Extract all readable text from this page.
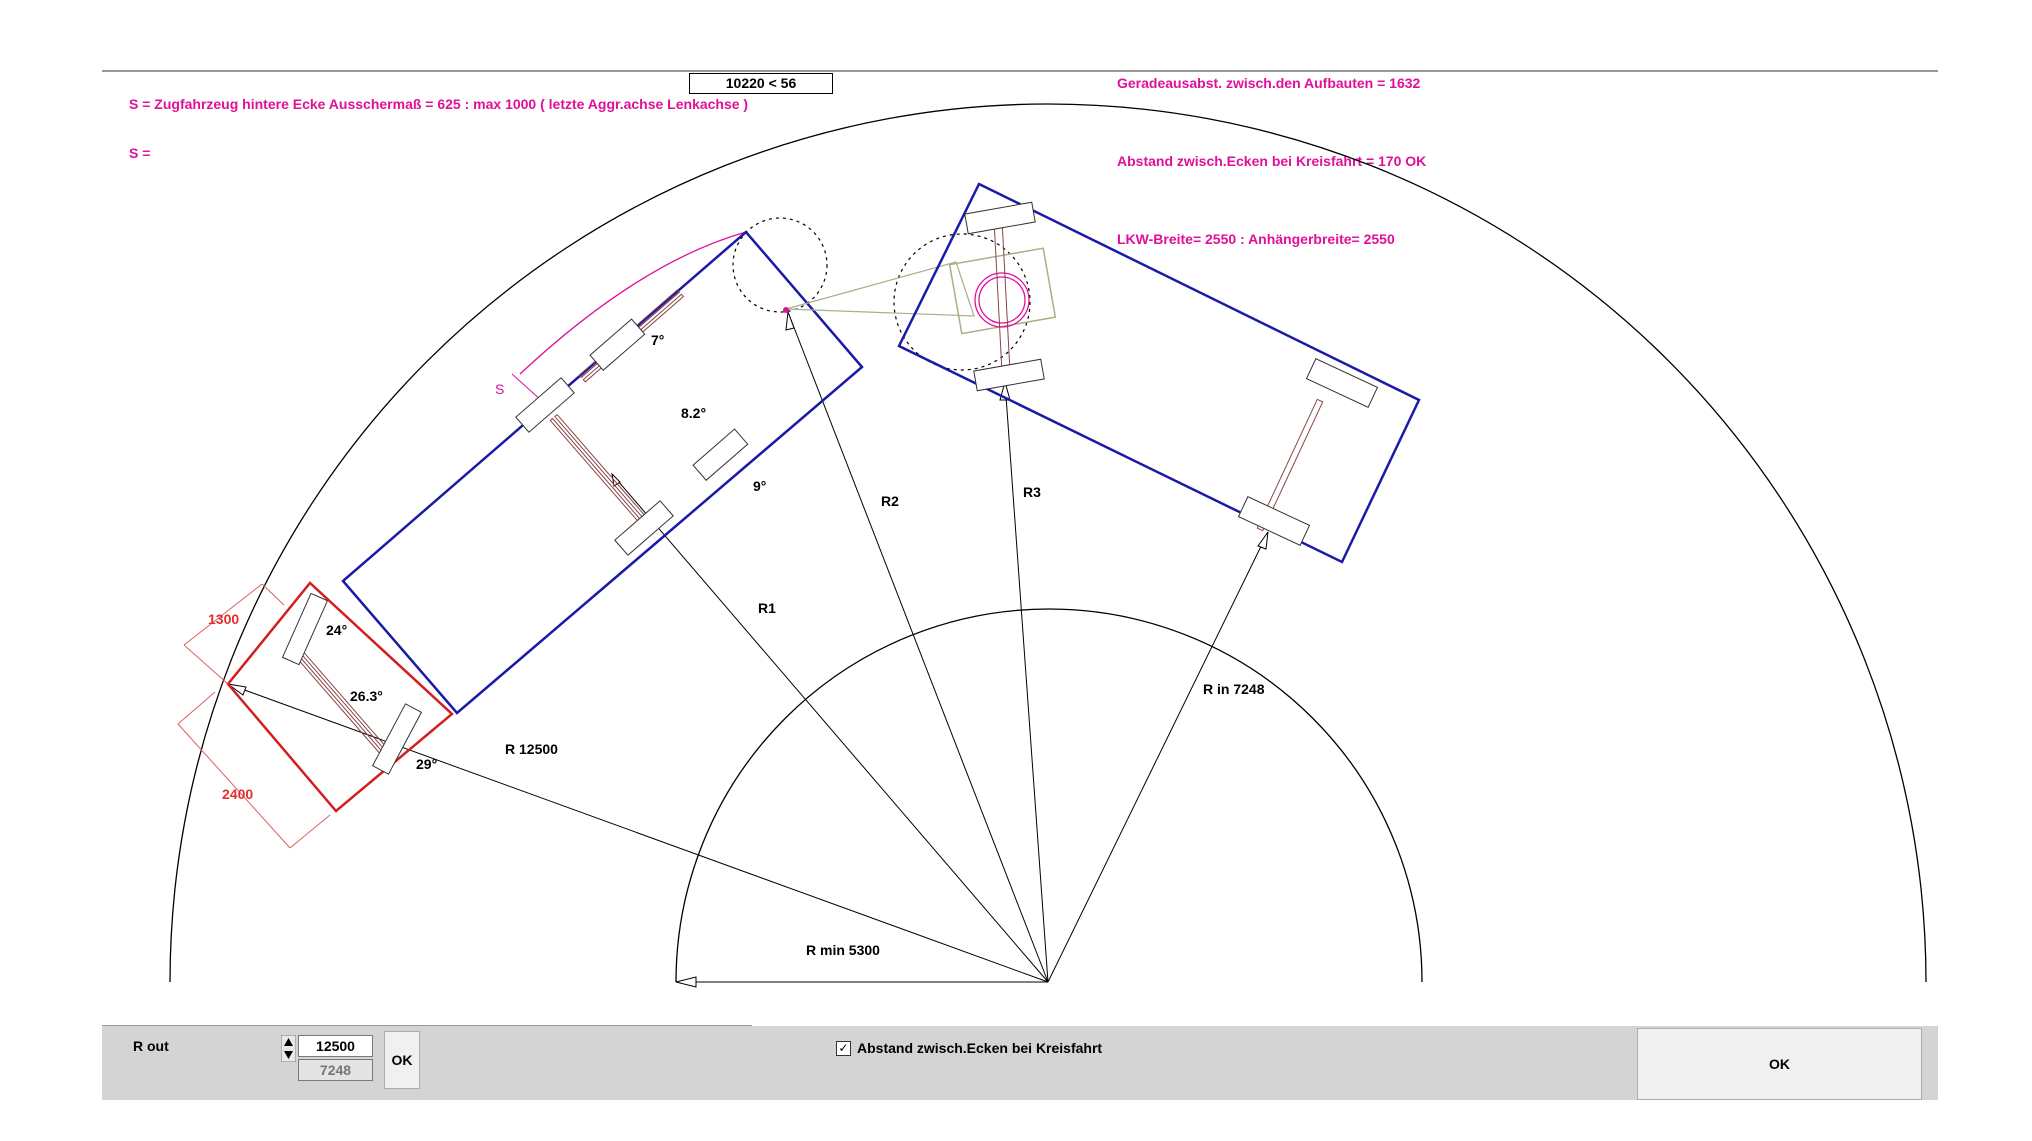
10220 < 56
S = Zugfahrzeug hintere Ecke Ausschermaß = 625 : max 1000 ( letzte Aggr.achse Lenkachse )
S =
Geradeausabst. zwisch.den Aufbauten = 1632
Abstand zwisch.Ecken bei Kreisfahrt = 170 OK
LKW-Breite= 2550 : Anhängerbreite= 2550
S
R1
R2
R3
R 12500
R in 7248
R min 5300
1300
2400
24°
26.3°
29°
7°
8.2°
9°
R out	12500
7248
OK
✓ Abstand zwisch.Ecken bei Kreisfahrt
OK
